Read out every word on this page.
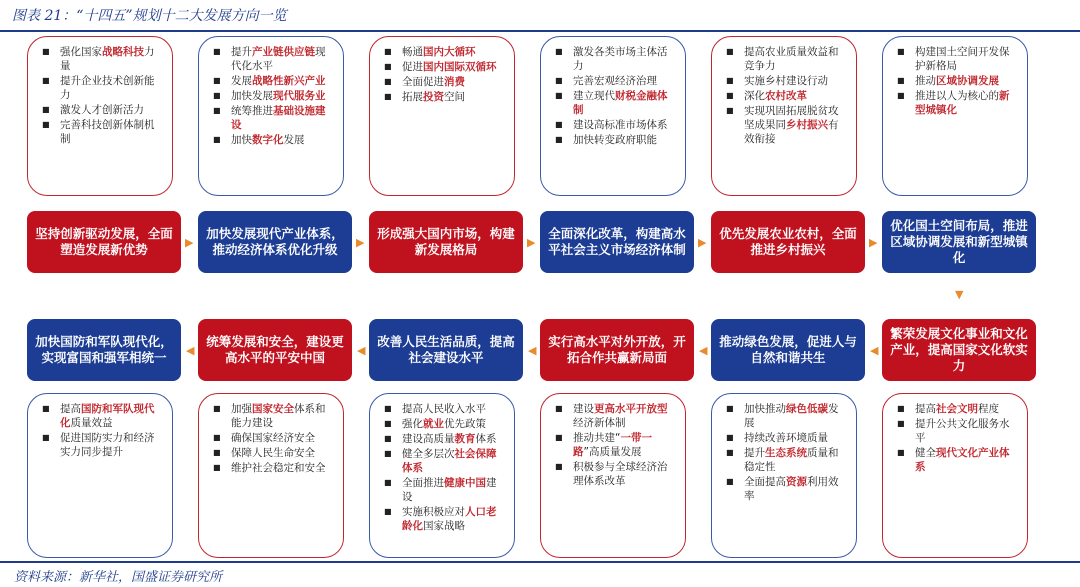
图表 21：“十四五”规划十二大发展方向一览
■ 强化国家战略科技力量
■ 提升企业技术创新能力
■ 激发人才创新活力
■ 完善科技创新体制机制
坚持创新驱动发展，全面塑造发展新优势	▶
■ 提升产业链供应链现代化水平
■ 发展战略性新兴产业
■ 加快发展现代服务业
■ 统筹推进基础设施建设
■ 加快数字化发展
加快发展现代产业体系，推动经济体系优化升级	▶
■ 畅通国内大循环
■ 促进国内国际双循环
■ 全面促进消费
■ 拓展投资空间
形成强大国内市场，构建新发展格局	▶
■ 激发各类市场主体活力
■ 完善宏观经济治理
■ 建立现代财税金融体制
■ 建设高标准市场体系
■ 加快转变政府职能
全面深化改革，构建高水平社会主义市场经济体制 ▶
■ 提高农业质量效益和竞争力
■ 实施乡村建设行动
■ 深化农村改革
■ 实现巩固拓展脱贫攻坚成果同乡村振兴有效衔接
优先发展农业农村，全面推进乡村振兴	▶
■ 构建国土空间开发保护新格局
■ 推动区域协调发展
■ 推进以人为核心的新型城镇化
优化国土空间布局，推进区域协调发展和新型城镇化
加快国防和军队现代化，实现富国和强军相统一
■ 提高国防和军队现代化质量效益
■ 促进国防实力和经济实力同步提升
统筹发展和安全，建设更高水平的平安中国
■ 加强国家安全体系和能力建设
■ 确保国家经济安全
■ 保障人民生命安全
■ 维护社会稳定和安全
◀
改善人民生活品质，提高社会建设水平
■ 提高人民收入水平
■ 强化就业优先政策
■ 建设高质量教育体系
■ 健全多层次社会保障体系
■ 全面推进健康中国建设
■ 实施积极应对人口老龄化国家战略
◀
实行高水平对外开放，开拓合作共赢新局面
■ 建设更高水平开放型经济新体制
■ 推动共建“一带一路”高质量发展
■ 积极参与全球经济治理体系改革
◀
推动绿色发展，促进人与自然和谐共生
■ 加快推动绿色低碳发展
■ 持续改善环境质量
■ 提升生态系统质量和稳定性
■ 全面提高资源利用效率
◀
繁荣发展文化事业和文化产业，提高国家文化软实力
■ 提高社会文明程度
■ 提升公共文化服务水平
■ 健全现代文化产业体系
◀
▼
资料来源：新华社，国盛证券研究所
